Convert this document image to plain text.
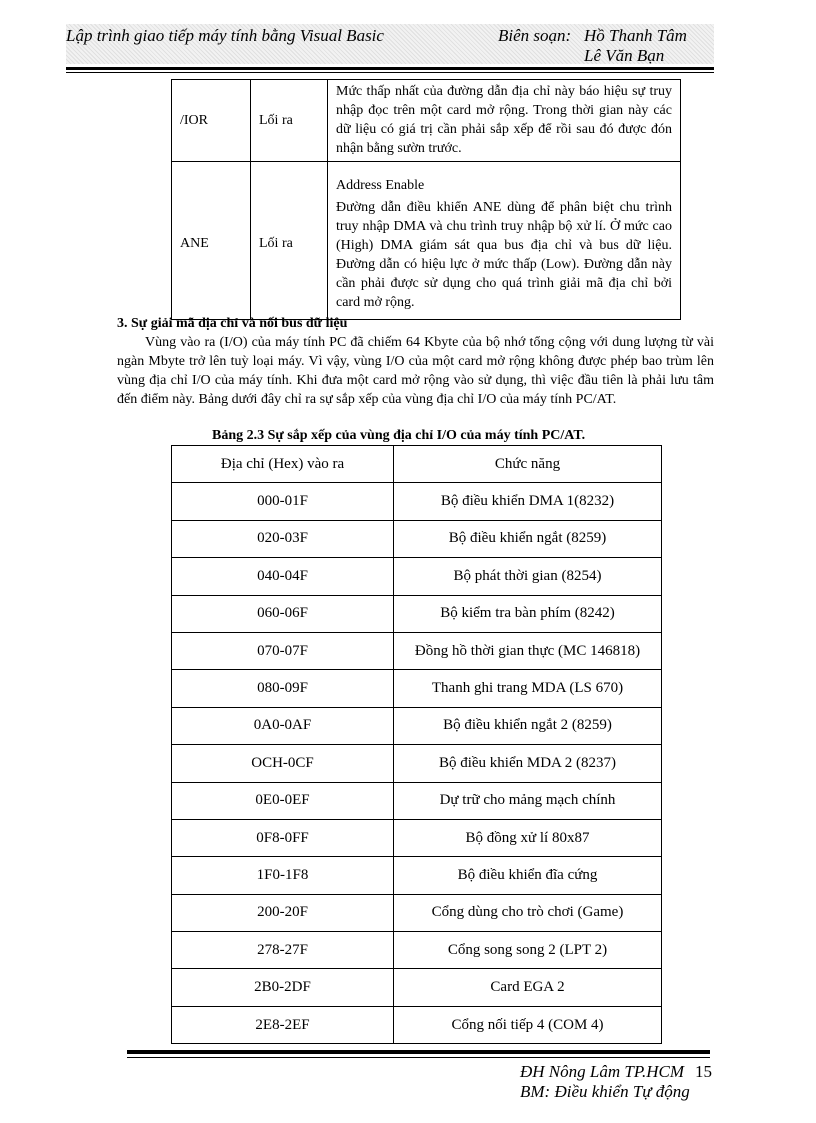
Lập trình giao tiếp máy tính bằng Visual Basic	Biên soạn: Hồ Thanh Tâm
Lê Văn Bạn
/IOR	Lối ra	Mức thấp nhất của đường dẫn địa chỉ này báo hiệu sự truy nhập đọc trên một card mở rộng. Trong thời gian này các dữ liệu có giá trị cần phải sắp xếp để rồi sau đó được đón nhận bằng sườn trước.
ANE	Lối ra	Address Enable

Đường dẫn điều khiển ANE dùng để phân biệt chu trình truy nhập DMA và chu trình truy nhập bộ xử lí. Ở mức cao (High) DMA giám sát qua bus địa chỉ và bus dữ liệu. Đường dẫn có hiệu lực ở mức thấp (Low). Đường dẫn này cần phải được sử dụng cho quá trình giải mã địa chỉ bởi card mở rộng.
3. Sự giải mã địa chỉ và nối bus dữ liệu
Vùng vào ra (I/O) của máy tính PC đã chiếm 64 Kbyte của bộ nhớ tổng cộng với dung lượng từ vài ngàn Mbyte trở lên tuỳ loại máy. Vì vậy, vùng I/O của một card mở rộng không được phép bao trùm lên vùng địa chỉ I/O của máy tính. Khi đưa một card mở rộng vào sử dụng, thì việc đầu tiên là phải lưu tâm đến điểm này. Bảng dưới đây chỉ ra sự sắp xếp của vùng địa chỉ I/O của máy tính PC/AT.
Bảng 2.3 Sự sắp xếp của vùng địa chỉ I/O của máy tính PC/AT.
Địa chỉ (Hex) vào ra	Chức năng
000-01F	Bộ điều khiển DMA 1(8232)
020-03F	Bộ điều khiển ngắt (8259)
040-04F	Bộ phát thời gian (8254)
060-06F	Bộ kiểm tra bàn phím (8242)
070-07F	Đồng hồ thời gian thực (MC 146818)
080-09F	Thanh ghi trang MDA (LS 670)
0A0-0AF	Bộ điều khiển ngắt 2 (8259)
OCH-0CF	Bộ điều khiển MDA 2 (8237)
0E0-0EF	Dự trữ cho mảng mạch chính
0F8-0FF	Bộ đồng xử lí 80x87
1F0-1F8	Bộ điều khiển đĩa cứng
200-20F	Cổng dùng cho trò chơi (Game)
278-27F	Cổng song song 2 (LPT 2)
2B0-2DF	Card EGA 2
2E8-2EF	Cổng nối tiếp 4 (COM 4)
ĐH Nông Lâm TP.HCM 15
BM: Điều khiển Tự động
